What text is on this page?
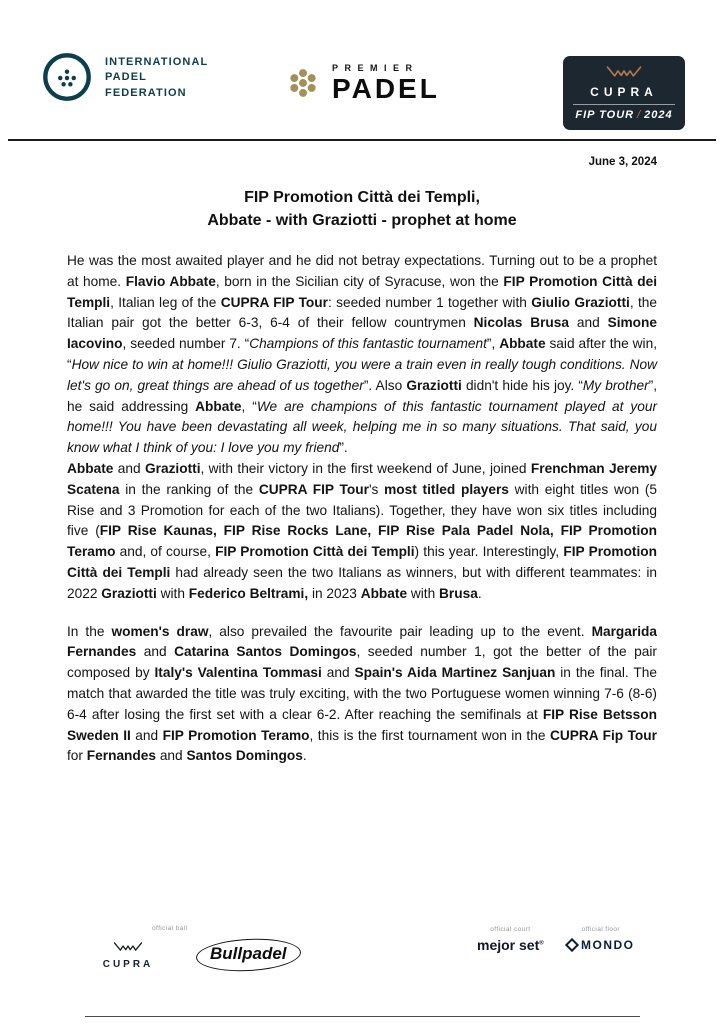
INTERNATIONAL
PADEL
FEDERATION
PREMIER
PADEL	CUPRA
FIP TOUR / 2024
June 3, 2024
FIP Promotion Città dei Templi,
Abbate - with Graziotti - prophet at home

He was the most awaited player and he did not betray expectations. Turning out to be a prophet at home. Flavio Abbate, born in the Sicilian city of Syracuse, won the FIP Promotion Città dei Templi, Italian leg of the CUPRA FIP Tour: seeded number 1 together with Giulio Graziotti, the Italian pair got the better 6-3, 6-4 of their fellow countrymen Nicolas Brusa and Simone Iacovino, seeded number 7. “Champions of this fantastic tournament”, Abbate said after the win, “How nice to win at home!!! Giulio Graziotti, you were a train even in really tough conditions. Now let's go on, great things are ahead of us together”. Also Graziotti didn't hide his joy. “My brother”, he said addressing Abbate, “We are champions of this fantastic tournament played at your home!!! You have been devastating all week, helping me in so many situations. That said, you know what I think of you: I love you my friend”.

Abbate and Graziotti, with their victory in the first weekend of June, joined Frenchman Jeremy Scatena in the ranking of the CUPRA FIP Tour's most titled players with eight titles won (5 Rise and 3 Promotion for each of the two Italians). Together, they have won six titles including five (FIP Rise Kaunas, FIP Rise Rocks Lane, FIP Rise Pala Padel Nola, FIP Promotion Teramo and, of course, FIP Promotion Città dei Templi) this year. Interestingly, FIP Promotion Città dei Templi had already seen the two Italians as winners, but with different teammates: in 2022 Graziotti with Federico Beltrami, in 2023 Abbate with Brusa.

In the women's draw, also prevailed the favourite pair leading up to the event. Margarida Fernandes and Catarina Santos Domingos, seeded number 1, got the better of the pair composed by Italy's Valentina Tommasi and Spain's Aida Martinez Sanjuan in the final. The match that awarded the title was truly exciting, with the two Portuguese women winning 7-6 (8-6) 6-4 after losing the first set with a clear 6-2. After reaching the semifinals at FIP Rise Betsson Sweden II and FIP Promotion Teramo, this is the first tournament won in the CUPRA Fip Tour for Fernandes and Santos Domingos.

CUPRA
official ball
Bullpadel
official court
mejor set®
official floor
MONDO
